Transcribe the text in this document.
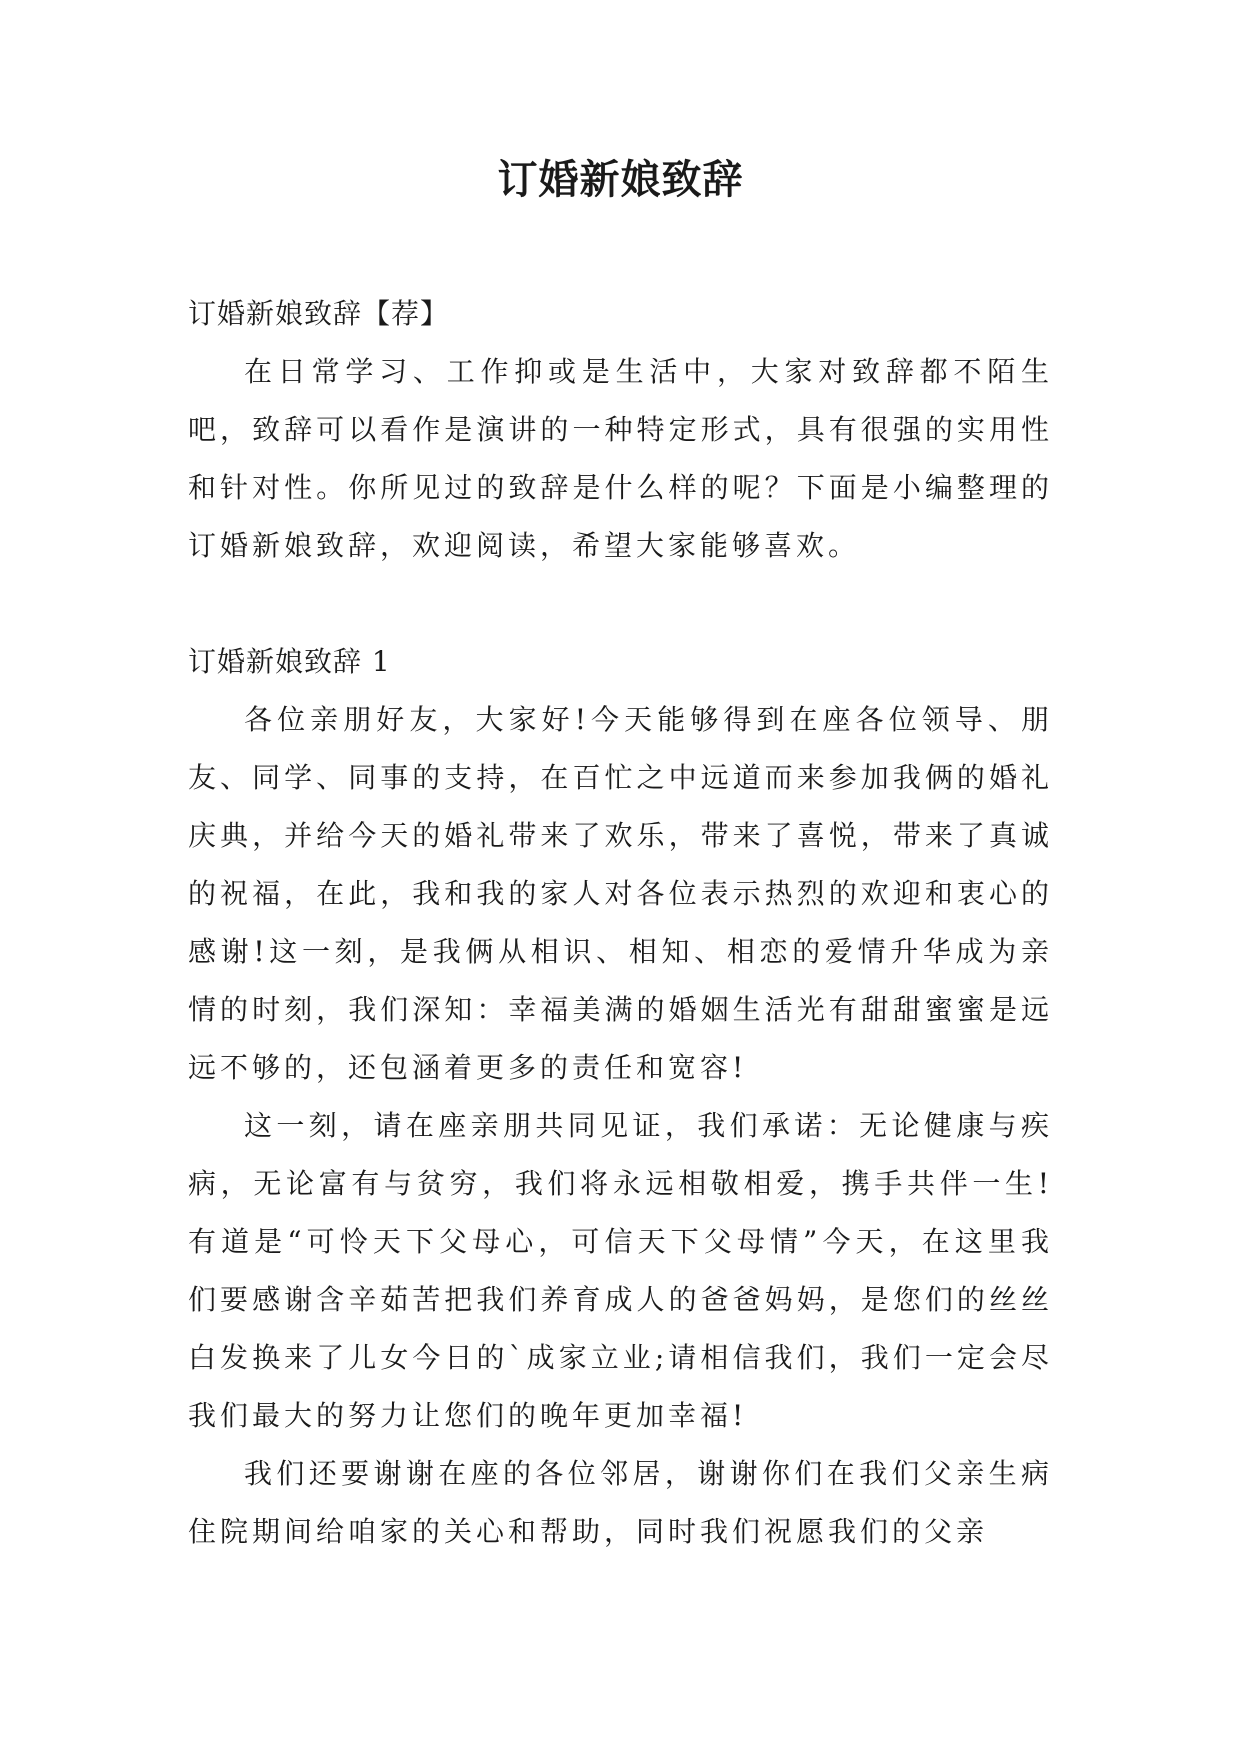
订婚新娘致辞

订婚新娘致辞【荐】

在日常学习、工作抑或是生活中，大家对致辞都不陌生吧，致辞可以看作是演讲的一种特定形式，具有很强的实用性和针对性。你所见过的致辞是什么样的呢？下面是小编整理的订婚新娘致辞，欢迎阅读，希望大家能够喜欢。

订婚新娘致辞 1

各位亲朋好友，大家好!今天能够得到在座各位领导、朋友、同学、同事的支持，在百忙之中远道而来参加我俩的婚礼庆典，并给今天的婚礼带来了欢乐，带来了喜悦，带来了真诚的祝福，在此，我和我的家人对各位表示热烈的欢迎和衷心的感谢!这一刻，是我俩从相识、相知、相恋的爱情升华成为亲情的时刻，我们深知：幸福美满的婚姻生活光有甜甜蜜蜜是远远不够的，还包涵着更多的责任和宽容!

这一刻，请在座亲朋共同见证，我们承诺：无论健康与疾病，无论富有与贫穷，我们将永远相敬相爱，携手共伴一生!有道是“可怜天下父母心，可信天下父母情”今天，在这里我们要感谢含辛茹苦把我们养育成人的爸爸妈妈，是您们的丝丝白发换来了儿女今日的`成家立业;请相信我们，我们一定会尽我们最大的努力让您们的晚年更加幸福!

我们还要谢谢在座的各位邻居，谢谢你们在我们父亲生病住院期间给咱家的关心和帮助，同时我们祝愿我们的父亲
